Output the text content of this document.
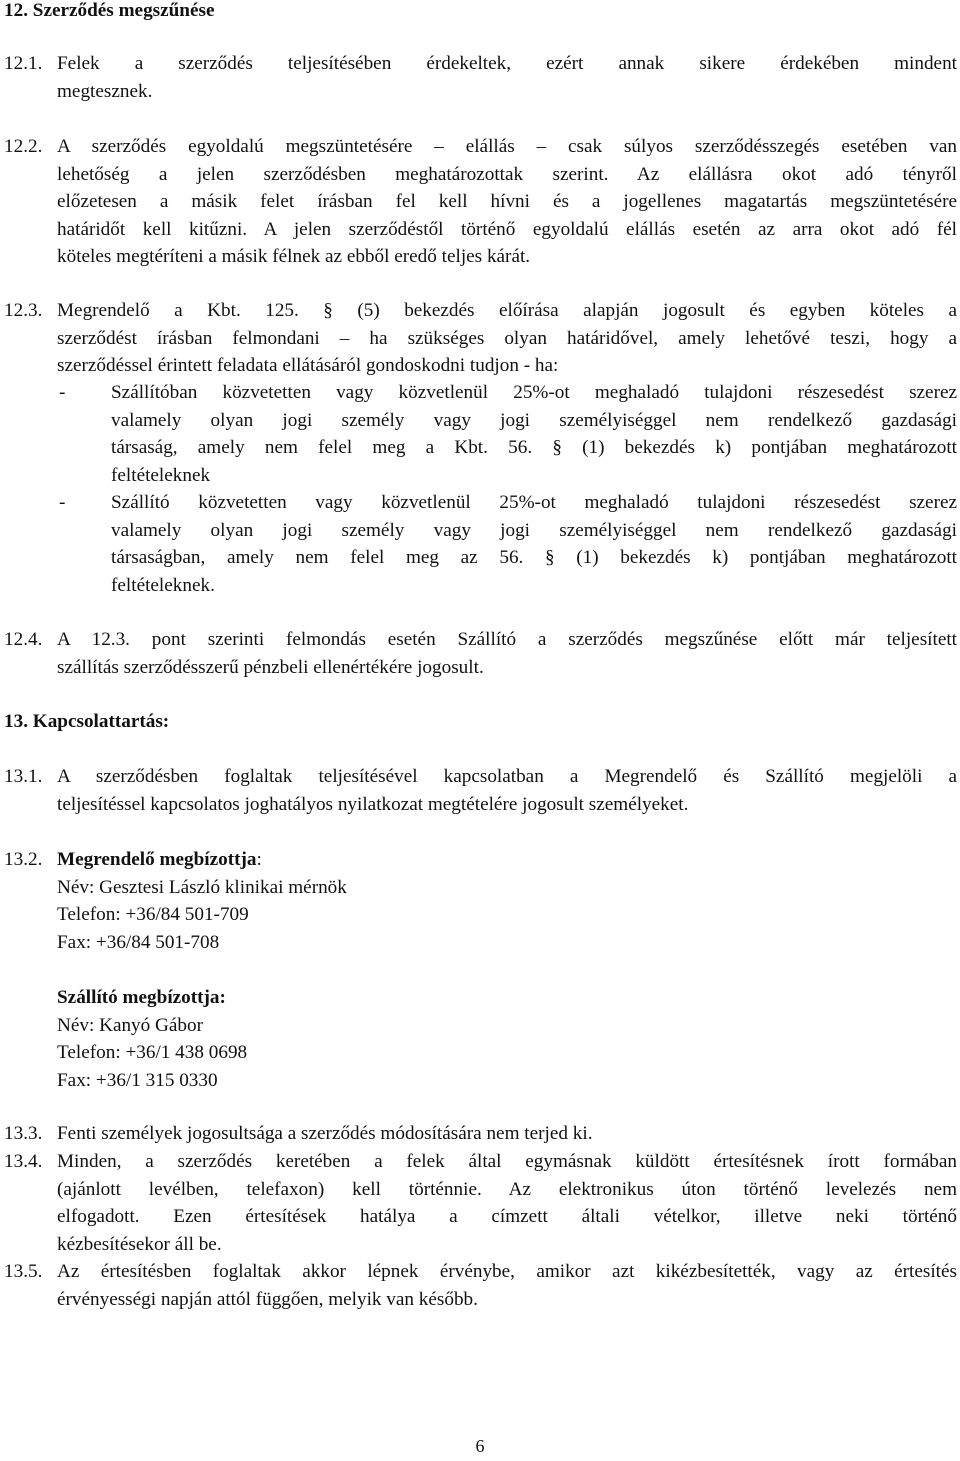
12. Szerződés megszűnése
12.1. Felek a szerződés teljesítésében érdekeltek, ezért annak sikere érdekében mindent
megtesznek.
12.2. A szerződés egyoldalú megszüntetésére – elállás – csak súlyos szerződésszegés esetében van
lehetőség a jelen szerződésben meghatározottak szerint. Az elállásra okot adó tényről
előzetesen a másik felet írásban fel kell hívni és a jogellenes magatartás megszüntetésére
határidőt kell kitűzni. A jelen szerződéstől történő egyoldalú elállás esetén az arra okot adó fél
köteles megtéríteni a másik félnek az ebből eredő teljes kárát.
12.3. Megrendelő a Kbt. 125. § (5) bekezdés előírása alapján jogosult és egyben köteles a
szerződést írásban felmondani – ha szükséges olyan határidővel, amely lehetővé teszi, hogy a
szerződéssel érintett feladata ellátásáról gondoskodni tudjon - ha:
- Szállítóban közvetetten vagy közvetlenül 25%-ot meghaladó tulajdoni részesedést szerez
valamely olyan jogi személy vagy jogi személyiséggel nem rendelkező gazdasági
társaság, amely nem felel meg a Kbt. 56. § (1) bekezdés k) pontjában meghatározott
feltételeknek
- Szállító közvetetten vagy közvetlenül 25%-ot meghaladó tulajdoni részesedést szerez
valamely olyan jogi személy vagy jogi személyiséggel nem rendelkező gazdasági
társaságban, amely nem felel meg az 56. § (1) bekezdés k) pontjában meghatározott
feltételeknek.
12.4. A 12.3. pont szerinti felmondás esetén Szállító a szerződés megszűnése előtt már teljesített
szállítás szerződésszerű pénzbeli ellenértékére jogosult.
13. Kapcsolattartás:
13.1. A szerződésben foglaltak teljesítésével kapcsolatban a Megrendelő és Szállító megjelöli a
teljesítéssel kapcsolatos joghatályos nyilatkozat megtételére jogosult személyeket.
13.2. Megrendelő megbízottja:
Név: Gesztesi László klinikai mérnök
Telefon: +36/84 501-709
Fax: +36/84 501-708
Szállító megbízottja:
Név: Kanyó Gábor
Telefon: +36/1 438 0698
Fax: +36/1 315 0330
13.3. Fenti személyek jogosultsága a szerződés módosítására nem terjed ki.
13.4. Minden, a szerződés keretében a felek által egymásnak küldött értesítésnek írott formában
(ajánlott levélben, telefaxon) kell történnie. Az elektronikus úton történő levelezés nem
elfogadott. Ezen értesítések hatálya a címzett általi vételkor, illetve neki történő
kézbesítésekor áll be.
13.5. Az értesítésben foglaltak akkor lépnek érvénybe, amikor azt kikézbesítették, vagy az értesítés
érvényességi napján attól függően, melyik van később.
6
